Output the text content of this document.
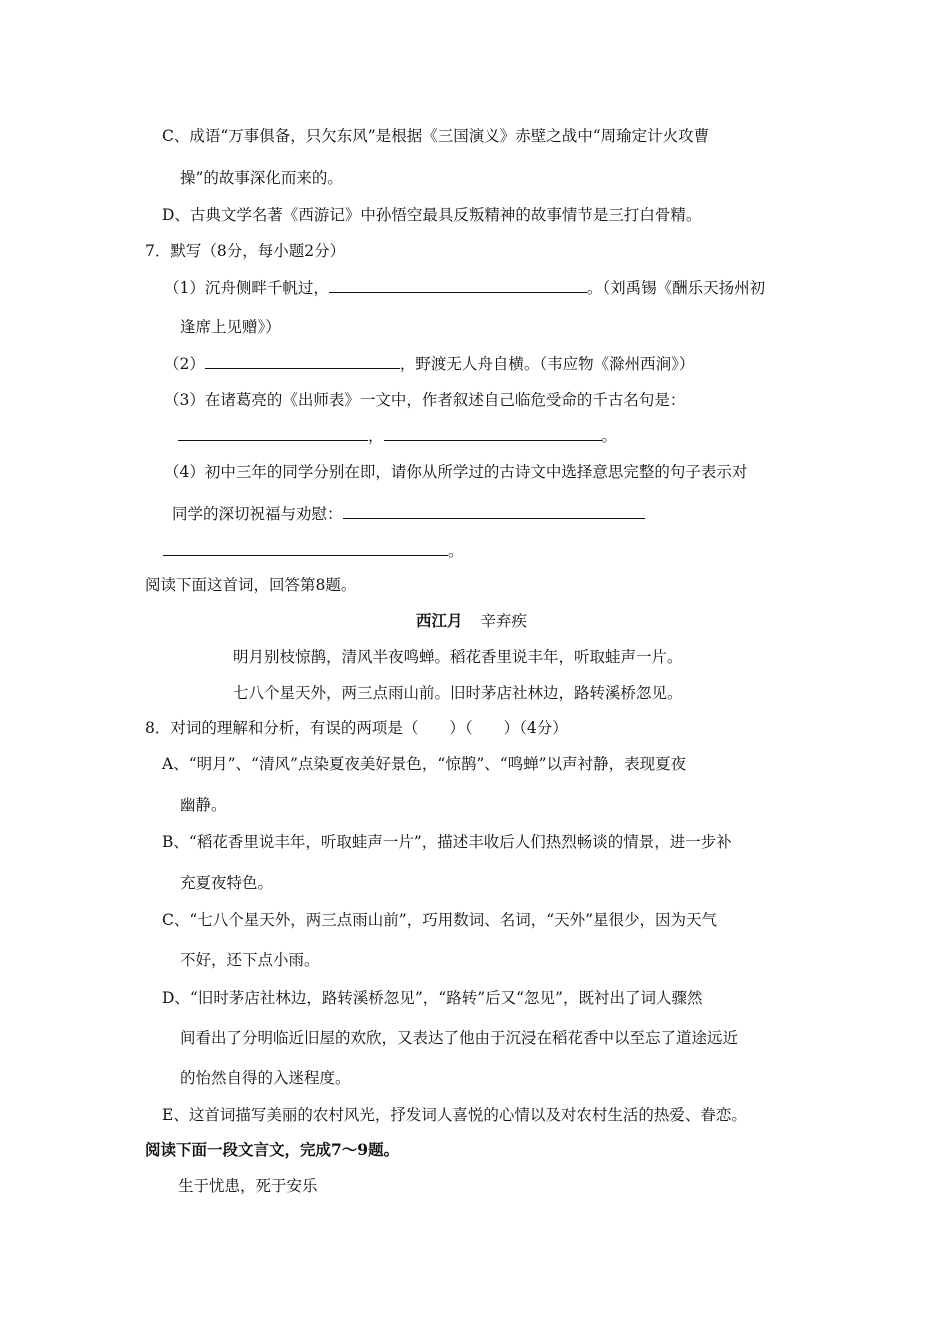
C、成语“万事俱备，只欠东风”是根据《三国演义》赤壁之战中“周瑜定计火攻曹
操”的故事深化而来的。
D、古典文学名著《西游记》中孙悟空最具反叛精神的故事情节是三打白骨精。
7．默写（8分，每小题2分）
（1）沉舟侧畔千帆过，	。（刘禹锡《酬乐天扬州初
逢席上见赠》）
（2）	，野渡无人舟自横。（韦应物《滁州西涧》）
（3）在诸葛亮的《出师表》一文中，作者叙述自己临危受命的千古名句是：
，	。
（4）初中三年的同学分别在即，请你从所学过的古诗文中选择意思完整的句子表示对
同学的深切祝福与劝慰：
。
阅读下面这首词，回答第8题。
西江月 辛弃疾
明月别枝惊鹊，清风半夜鸣蝉。稻花香里说丰年，听取蛙声一片。
七八个星天外，两三点雨山前。旧时茅店社林边，路转溪桥忽见。
8．对词的理解和分析，有误的两项是（　　）（　　）（4分）
A、“明月”、“清风”点染夏夜美好景色，“惊鹊”、“鸣蝉”以声衬静，表现夏夜
幽静。
B、“稻花香里说丰年，听取蛙声一片”，描述丰收后人们热烈畅谈的情景，进一步补
充夏夜特色。
C、“七八个星天外，两三点雨山前”，巧用数词、名词，“天外”星很少，因为天气
不好，还下点小雨。
D、“旧时茅店社林边，路转溪桥忽见”，“路转”后又“忽见”，既衬出了词人骤然
间看出了分明临近旧屋的欢欣，又表达了他由于沉浸在稻花香中以至忘了道途远近
的怡然自得的入迷程度。
E、这首词描写美丽的农村风光，抒发词人喜悦的心情以及对农村生活的热爱、眷恋。
阅读下面一段文言文，完成7～9题。
生于忧患，死于安乐
